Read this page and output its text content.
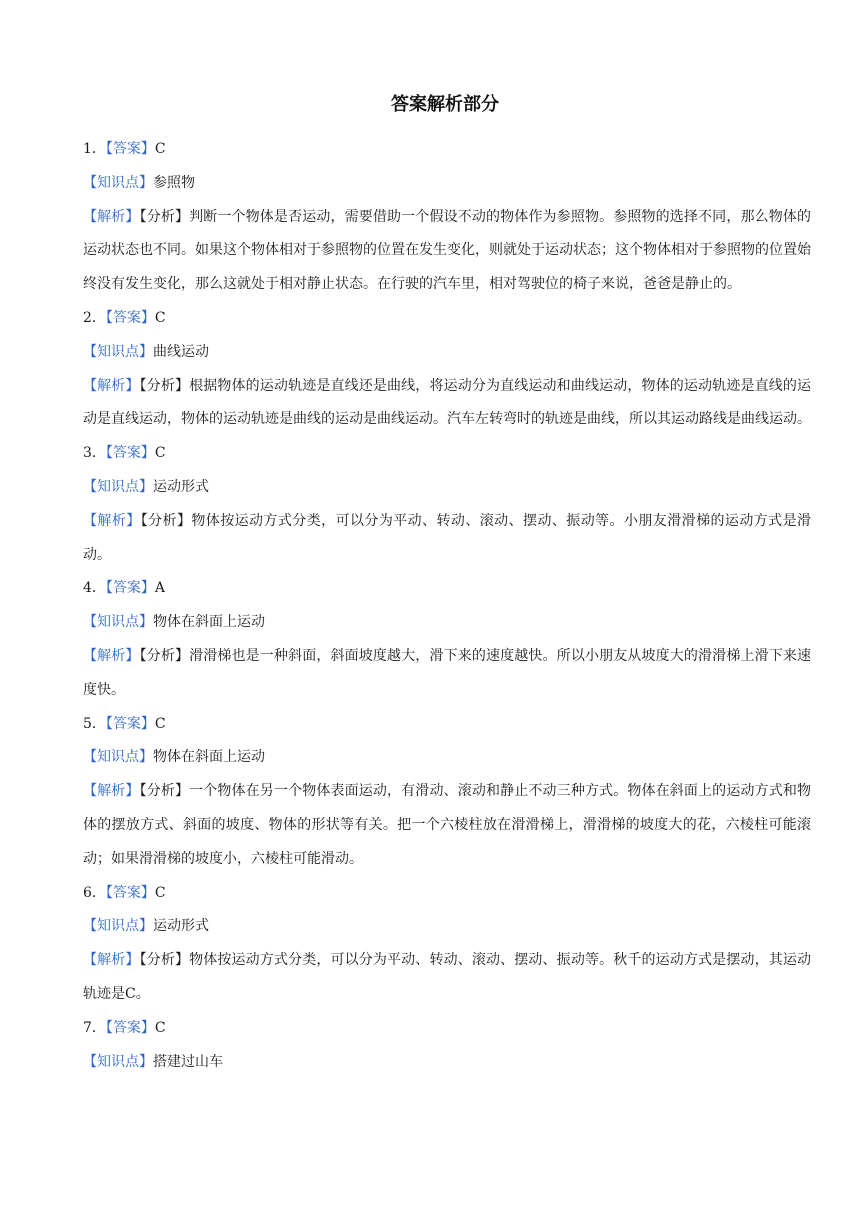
答案解析部分
1．【答案】C
【知识点】参照物
【解析】【分析】判断一个物体是否运动，需要借助一个假设不动的物体作为参照物。参照物的选择不同，那么物体的运动状态也不同。如果这个物体相对于参照物的位置在发生变化，则就处于运动状态；这个物体相对于参照物的位置始终没有发生变化，那么这就处于相对静止状态。在行驶的汽车里，相对驾驶位的椅子来说，爸爸是静止的。
2．【答案】C
【知识点】曲线运动
【解析】【分析】根据物体的运动轨迹是直线还是曲线，将运动分为直线运动和曲线运动，物体的运动轨迹是直线的运动是直线运动，物体的运动轨迹是曲线的运动是曲线运动。汽车左转弯时的轨迹是曲线，所以其运动路线是曲线运动。
3．【答案】C
【知识点】运动形式
【解析】【分析】物体按运动方式分类，可以分为平动、转动、滚动、摆动、振动等。小朋友滑滑梯的运动方式是滑动。
4．【答案】A
【知识点】物体在斜面上运动
【解析】【分析】滑滑梯也是一种斜面，斜面坡度越大，滑下来的速度越快。所以小朋友从坡度大的滑滑梯上滑下来速度快。
5．【答案】C
【知识点】物体在斜面上运动
【解析】【分析】一个物体在另一个物体表面运动，有滑动、滚动和静止不动三种方式。物体在斜面上的运动方式和物体的摆放方式、斜面的坡度、物体的形状等有关。把一个六棱柱放在滑滑梯上，滑滑梯的坡度大的花，六棱柱可能滚动；如果滑滑梯的坡度小，六棱柱可能滑动。
6．【答案】C
【知识点】运动形式
【解析】【分析】物体按运动方式分类，可以分为平动、转动、滚动、摆动、振动等。秋千的运动方式是摆动，其运动轨迹是C。
7．【答案】C
【知识点】搭建过山车
